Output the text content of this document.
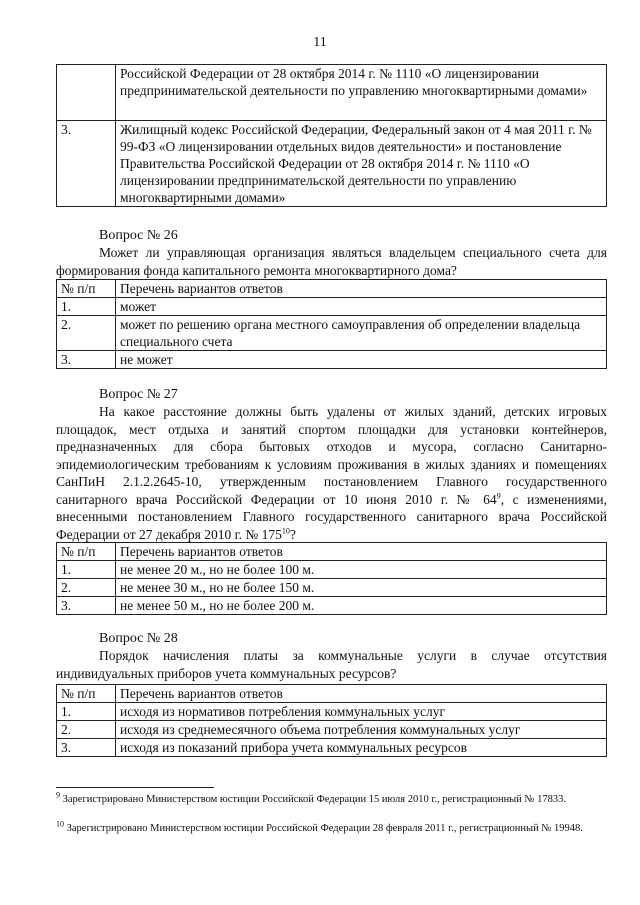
11
	Российской Федерации от 28 октября 2014 г. № 1110 «О лицензировании предпринимательской деятельности по управлению многоквартирными домами»
3.	Жилищный кодекс Российской Федерации, Федеральный закон от 4 мая 2011 г. № 99-ФЗ «О лицензировании отдельных видов деятельности» и постановление Правительства Российской Федерации от 28 октября 2014 г. № 1110 «О лицензировании предпринимательской деятельности по управлению многоквартирными домами»
Вопрос № 26
Может ли управляющая организация являться владельцем специального счета для формирования фонда капитального ремонта многоквартирного дома?
№ п/п	Перечень вариантов ответов
1.	может
2.	может по решению органа местного самоуправления об определении владельца специального счета
3.	не может
Вопрос № 27
На какое расстояние должны быть удалены от жилых зданий, детских игровых площадок, мест отдыха и занятий спортом площадки для установки контейнеров, предназначенных для сбора бытовых отходов и мусора, согласно Санитарно-эпидемиологическим требованиям к условиям проживания в жилых зданиях и помещениях СанПиН 2.1.2.2645-10, утвержденным постановлением Главного государственного санитарного врача Российской Федерации от 10 июня 2010 г. № $64^9$, с изменениями, внесенными постановлением Главного государственного санитарного врача Российской Федерации от 27 декабря 2010 г. № $175^{10}$?
№ п/п	Перечень вариантов ответов
1.	не менее 20 м., но не более 100 м.
2.	не менее 30 м., но не более 150 м.
3.	не менее 50 м., но не более 200 м.
Вопрос № 28
Порядок начисления платы за коммунальные услуги в случае отсутствия индивидуальных приборов учета коммунальных ресурсов?
№ п/п	Перечень вариантов ответов
1.	исходя из нормативов потребления коммунальных услуг
2.	исходя из среднемесячного объема потребления коммунальных услуг
3.	исходя из показаний прибора учета коммунальных ресурсов
$^9$ Зарегистрировано Министерством юстиции Российской Федерации 15 июля 2010 г., регистрационный № 17833.
$^{10}$ Зарегистрировано Министерством юстиции Российской Федерации 28 февраля 2011 г., регистрационный № 19948.
